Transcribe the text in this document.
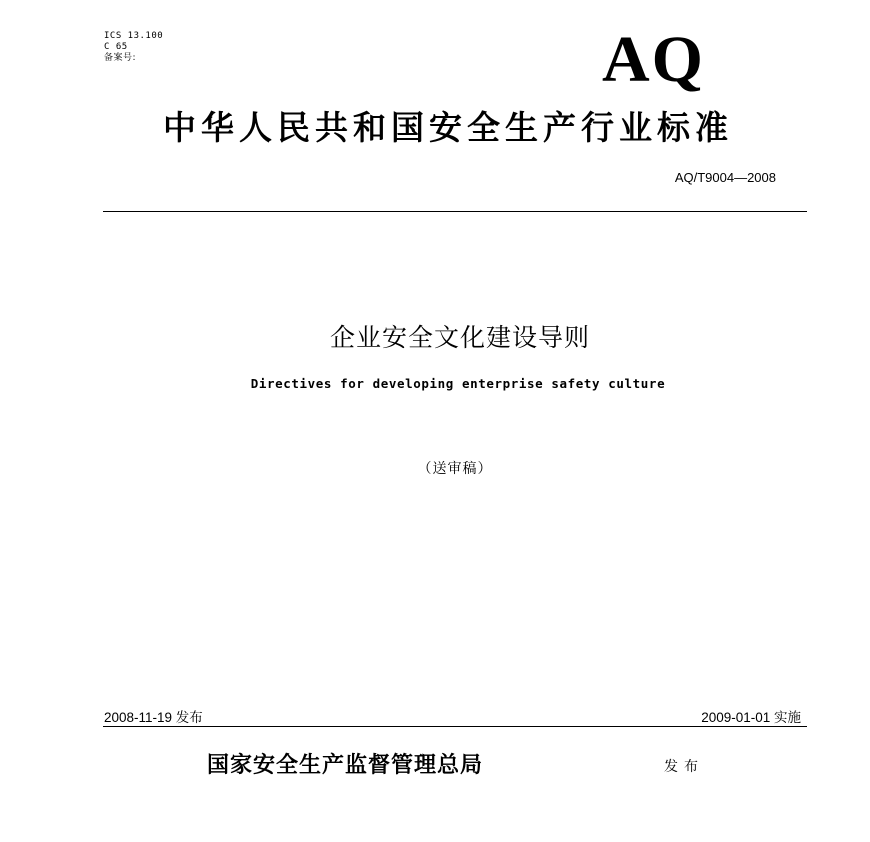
ICS 13.100
C 65
备案号:	AQ
中华人民共和国安全生产行业标准
AQ/T9004—2008
企业安全文化建设导则
Directives for developing enterprise safety culture
（送审稿）
2008-11-19 发布	2009-01-01 实施
国家安全生产监督管理总局	发布
